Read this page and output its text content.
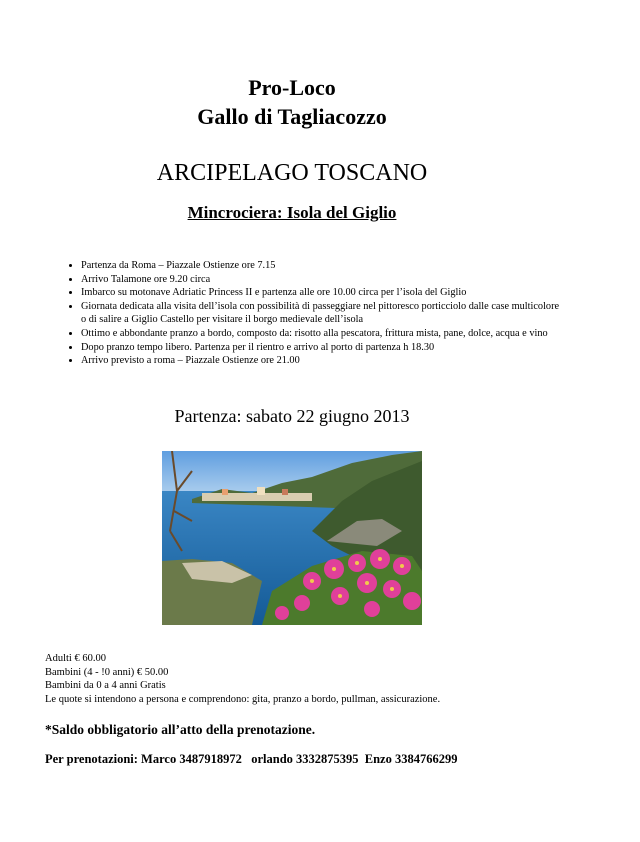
Pro-Loco
Gallo di Tagliacozzo
ARCIPELAGO TOSCANO
Mincrociera: Isola del Giglio
• Partenza da Roma – Piazzale Ostienze ore 7.15
• Arrivo Talamone ore 9.20 circa
• Imbarco su motonave Adriatic Princess II e partenza alle ore 10.00 circa per l’isola del Giglio
• Giornata dedicata alla visita dell’isola con possibilità di passeggiare nel pittoresco porticciolo dalle case multicolore o di salire a Giglio Castello per visitare il borgo medievale dell’isola
• Ottimo e abbondante pranzo a bordo, composto da: risotto alla pescatora, frittura mista, pane, dolce, acqua e vino
• Dopo pranzo tempo libero. Partenza per il rientro e arrivo al porto di partenza h 18.30
• Arrivo previsto a roma – Piazzale Ostienze ore 21.00
Partenza: sabato 22 giugno 2013
Adulti € 60.00
Bambini (4 - !0 anni) € 50.00
Bambini da 0 a 4 anni Gratis
Le quote si intendono a persona e comprendono: gita, pranzo a bordo, pullman, assicurazione.
*Saldo obbligatorio all’atto della prenotazione.
Per prenotazioni: Marco 3487918972   orlando 3332875395  Enzo 3384766299
